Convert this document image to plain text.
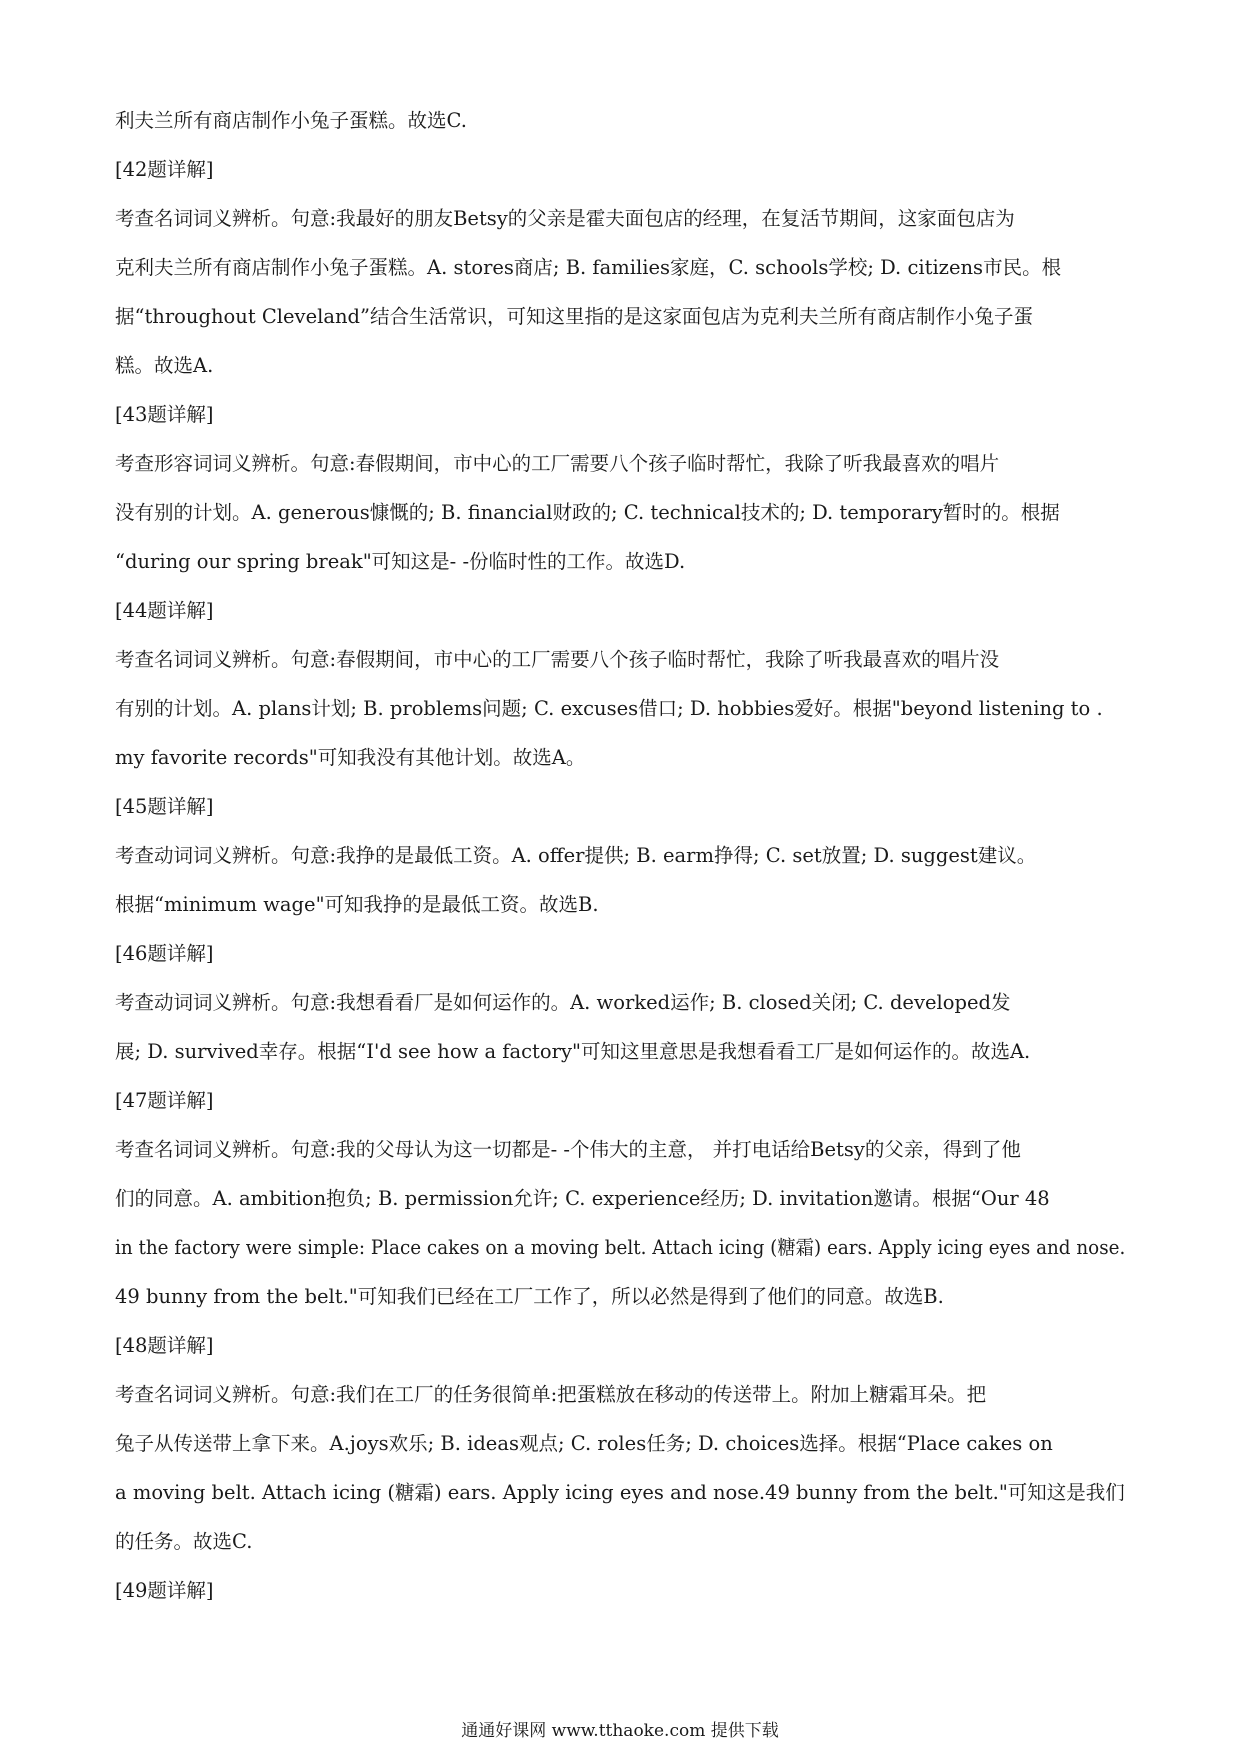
利夫兰所有商店制作小兔子蛋糕。故选C.
[42题详解]
考查名词词义辨析。句意:我最好的朋友Betsy的父亲是霍夫面包店的经理，在复活节期间，这家面包店为
克利夫兰所有商店制作小兔子蛋糕。A. stores商店; B. families家庭，C. schools学校; D. citizens市民。根
据“throughout Cleveland”结合生活常识，可知这里指的是这家面包店为克利夫兰所有商店制作小兔子蛋
糕。故选A.
[43题详解]
考查形容词词义辨析。句意:春假期间，市中心的工厂需要八个孩子临时帮忙，我除了听我最喜欢的唱片
没有别的计划。A. generous慷慨的; B. financial财政的; C. technical技术的; D. temporary暂时的。根据
“during our spring break"可知这是- -份临时性的工作。故选D.
[44题详解]
考查名词词义辨析。句意:春假期间，市中心的工厂需要八个孩子临时帮忙，我除了听我最喜欢的唱片没
有别的计划。A. plans计划; B. problems问题; C. excuses借口; D. hobbies爱好。根据"beyond listening to .
my favorite records"可知我没有其他计划。故选A。
[45题详解]
考查动词词义辨析。句意:我挣的是最低工资。A. offer提供; B. earm挣得; C. set放置; D. suggest建议。
根据“minimum wage"可知我挣的是最低工资。故选B.
[46题详解]
考查动词词义辨析。句意:我想看看厂是如何运作的。A. worked运作; B. closed关闭; C. developed发
展; D. survived幸存。根据“I'd see how a factory"可知这里意思是我想看看工厂是如何运作的。故选A.
[47题详解]
考查名词词义辨析。句意:我的父母认为这一切都是- -个伟大的主意， 并打电话给Betsy的父亲，得到了他
们的同意。A. ambition抱负; B. permission允许; C. experience经历; D. invitation邀请。根据“Our 48
in the factory were simple: Place cakes on a moving belt. Attach icing (糖霜) ears. Apply icing eyes and nose.
49 bunny from the belt."可知我们已经在工厂工作了，所以必然是得到了他们的同意。故选B.
[48题详解]
考查名词词义辨析。句意:我们在工厂的任务很简单:把蛋糕放在移动的传送带上。附加上糖霜耳朵。把
兔子从传送带上拿下来。A.joys欢乐; B. ideas观点; C. roles任务; D. choices选择。根据“Place cakes on
a moving belt. Attach icing (糖霜) ears. Apply icing eyes and nose.49 bunny from the belt."可知这是我们
的任务。故选C.
[49题详解]
通通好课网 www.tthaoke.com 提供下载
